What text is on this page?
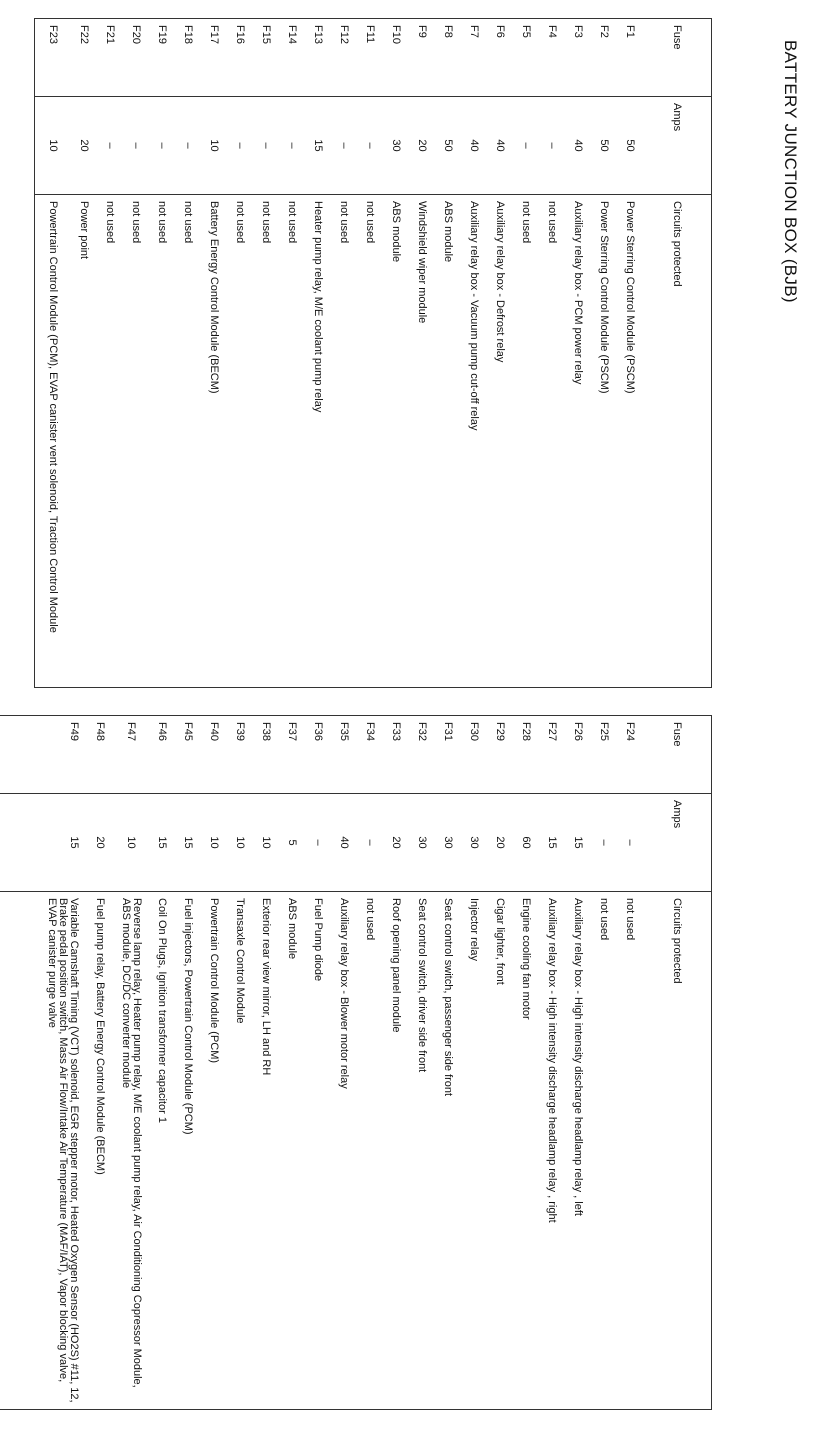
BATTERY JUNCTION BOX (BJB)
Fuse	Amps	Circuits protected
F1	50	Power Sterring Control Module (PSCM)
F2	50	Power Sterring Control Module (PSCM)
F3	40	Auxiliary relay box - PCM power relay
F4	–	not used
F5	–	not used
F6	40	Auxiliary relay box - Defrost relay
F7	40	Auxiliary relay box - Vacuum pump cut-off relay
F8	50	ABS module
F9	20	Windshield wiper module
F10	30	ABS module
F11	–	not used
F12	–	not used
F13	15	Heater pump relay, M/E coolant pump relay
F14	–	not used
F15	–	not used
F16	–	not used
F17	10	Battery Energy Control Module (BECM)
F18	–	not used
F19	–	not used
F20	–	not used
F21	–	not used
F22	20	Power point
F23	10	Powertrain Control Module (PCM), EVAP canister vent solenoid, Traction Control Module
Fuse	Amps	Circuits protected
F24	–	not used
F25	–	not used
F26	15	Auxiliary relay box - High intensity discharge headlamp relay , left
F27	15	Auxiliary relay box - High intensity discharge headlamp relay , right
F28	60	Engine cooling fan motor
F29	20	Cigar lighter, front
F30	30	Injector relay
F31	30	Seat control switch, passenger side front
F32	30	Seat control switch, driver side front
F33	20	Roof opening panel module
F34	–	not used
F35	40	Auxiliary relay box - Blower motor relay
F36	–	Fuel Pump diode
F37	5	ABS module
F38	10	Exterior rear view mirror, LH and RH
F39	10	Transaxle Control Module
F40	10	Powertrain Control Module (PCM)
F45	15	Fuel injectors, Powertrain Control Module (PCM)
F46	15	Coil On Plugs, Ignition transformer capacitor 1
F47	10	Reverse lamp relay, Heater pump relay, M/E coolant pump relay, Air Conditioning Copressor Module, ABS module, DC/DC converter module
F48	20	Fuel pump relay, Battery Energy Control Module (BECM)
F49	15	Variable Camshaft Timing (VCT) solenoid, EGR stepper motor, Heated Oxygen Sensor (HO2S) #11, 12, Brake pedal position switch, Mass Air Flow/Intake Air Temperature (MAF/IAT), Vapor blocking valve, EVAP canister purge valve
